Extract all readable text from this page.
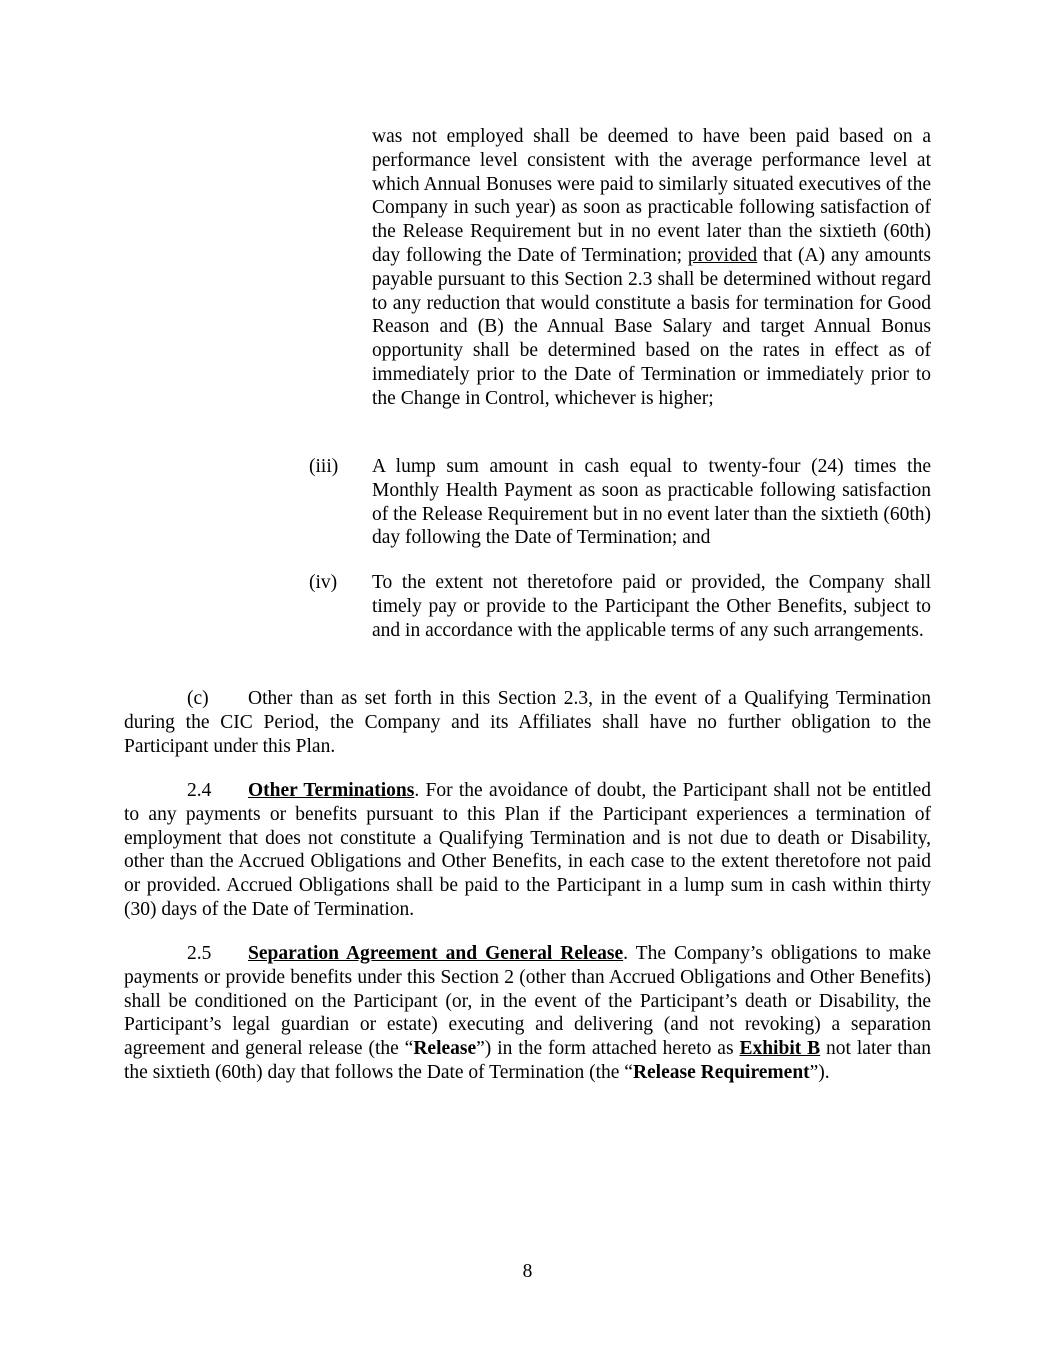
was not employed shall be deemed to have been paid based on a performance level consistent with the average performance level at which Annual Bonuses were paid to similarly situated executives of the Company in such year) as soon as practicable following satisfaction of the Release Requirement but in no event later than the sixtieth (60th) day following the Date of Termination; provided that (A) any amounts payable pursuant to this Section 2.3 shall be determined without regard to any reduction that would constitute a basis for termination for Good Reason and (B) the Annual Base Salary and target Annual Bonus opportunity shall be determined based on the rates in effect as of immediately prior to the Date of Termination or immediately prior to the Change in Control, whichever is higher;

(iii) A lump sum amount in cash equal to twenty-four (24) times the Monthly Health Payment as soon as practicable following satisfaction of the Release Requirement but in no event later than the sixtieth (60th) day following the Date of Termination; and

(iv) To the extent not theretofore paid or provided, the Company shall timely pay or provide to the Participant the Other Benefits, subject to and in accordance with the applicable terms of any such arrangements.

(c) Other than as set forth in this Section 2.3, in the event of a Qualifying Termination during the CIC Period, the Company and its Affiliates shall have no further obligation to the Participant under this Plan.

2.4 Other Terminations. For the avoidance of doubt, the Participant shall not be entitled to any payments or benefits pursuant to this Plan if the Participant experiences a termination of employment that does not constitute a Qualifying Termination and is not due to death or Disability, other than the Accrued Obligations and Other Benefits, in each case to the extent theretofore not paid or provided. Accrued Obligations shall be paid to the Participant in a lump sum in cash within thirty (30) days of the Date of Termination.

2.5 Separation Agreement and General Release. The Company’s obligations to make payments or provide benefits under this Section 2 (other than Accrued Obligations and Other Benefits) shall be conditioned on the Participant (or, in the event of the Participant’s death or Disability, the Participant’s legal guardian or estate) executing and delivering (and not revoking) a separation agreement and general release (the “Release”) in the form attached hereto as Exhibit B not later than the sixtieth (60th) day that follows the Date of Termination (the “Release Requirement”).

8
